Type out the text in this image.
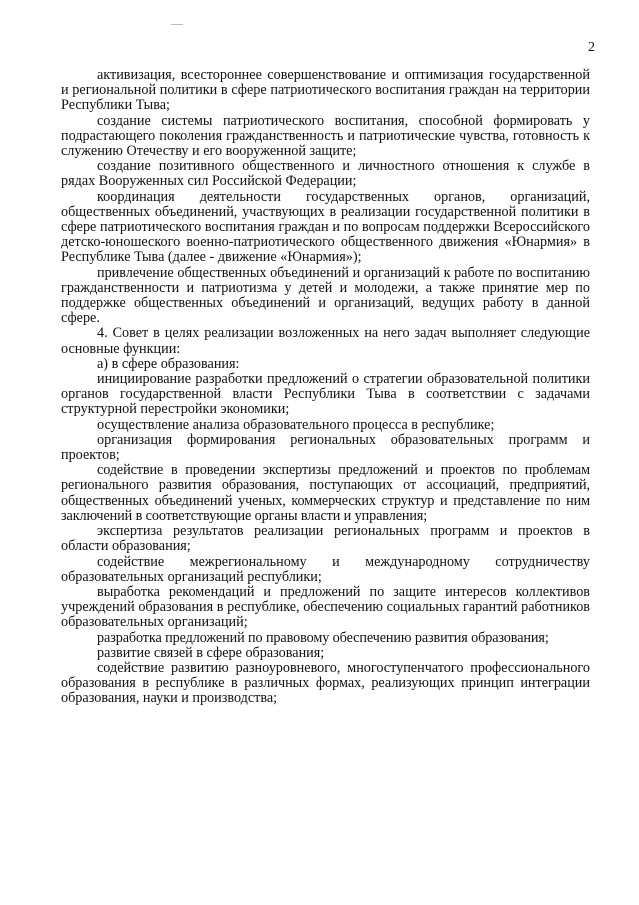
2

активизация, всестороннее совершенствование и оптимизация государственной и региональной политики в сфере патриотического воспитания граждан на территории Республики Тыва;

создание системы патриотического воспитания, способной формировать у подрастающего поколения гражданственность и патриотические чувства, готовность к служению Отечеству и его вооруженной защите;

создание позитивного общественного и личностного отношения к службе в рядах Вооруженных сил Российской Федерации;

координация деятельности государственных органов, организаций, общественных объединений, участвующих в реализации государственной политики в сфере патриотического воспитания граждан и по вопросам поддержки Всероссийского детско-юношеского военно-патриотического общественного движения «Юнармия» в Республике Тыва (далее - движение «Юнармия»);

привлечение общественных объединений и организаций к работе по воспитанию гражданственности и патриотизма у детей и молодежи, а также принятие мер по поддержке общественных объединений и организаций, ведущих работу в данной сфере.

4. Совет в целях реализации возложенных на него задач выполняет следующие основные функции:

а) в сфере образования:

инициирование разработки предложений о стратегии образовательной политики органов государственной власти Республики Тыва в соответствии с задачами структурной перестройки экономики;

осуществление анализа образовательного процесса в республике;

организация формирования региональных образовательных программ и проектов;

содействие в проведении экспертизы предложений и проектов по проблемам регионального развития образования, поступающих от ассоциаций, предприятий, общественных объединений ученых, коммерческих структур и представление по ним заключений в соответствующие органы власти и управления;

экспертиза результатов реализации региональных программ и проектов в области образования;

содействие межрегиональному и международному сотрудничеству образовательных организаций республики;

выработка рекомендаций и предложений по защите интересов коллективов учреждений образования в республике, обеспечению социальных гарантий работников образовательных организаций;

разработка предложений по правовому обеспечению развития образования;

развитие связей в сфере образования;

содействие развитию разноуровневого, многоступенчатого профессионального образования в республике в различных формах, реализующих принцип интеграции образования, науки и производства;
